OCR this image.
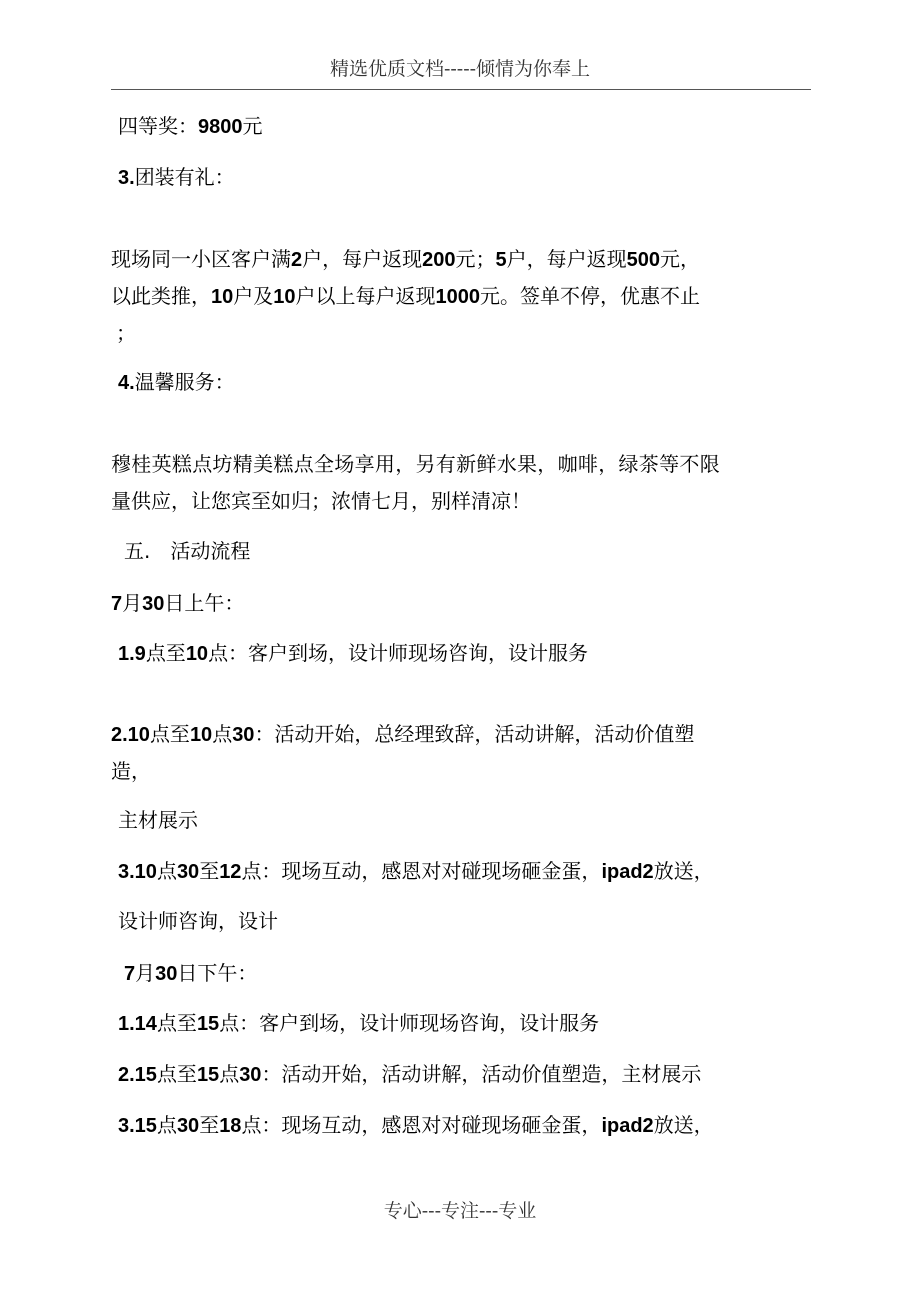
精选优质文档-----倾情为你奉上
四等奖：9800元
3.团装有礼：
现场同一小区客户满2户，每户返现200元；5户，每户返现500元，
以此类推，10户及10户以上每户返现1000元。签单不停，优惠不止
；
4.温馨服务：
穆桂英糕点坊精美糕点全场享用，另有新鲜水果，咖啡，绿茶等不限
量供应，让您宾至如归；浓情七月，别样清凉！
五. 活动流程
7月30日上午：
1.9点至10点：客户到场，设计师现场咨询，设计服务
2.10点至10点30：活动开始，总经理致辞，活动讲解，活动价值塑
造，
主材展示
3.10点30至12点：现场互动，感恩对对碰现场砸金蛋，ipad2放送，
设计师咨询，设计
7月30日下午：
1.14点至15点：客户到场，设计师现场咨询，设计服务
2.15点至15点30：活动开始，活动讲解，活动价值塑造，主材展示
3.15点30至18点：现场互动，感恩对对碰现场砸金蛋，ipad2放送，
专心---专注---专业
